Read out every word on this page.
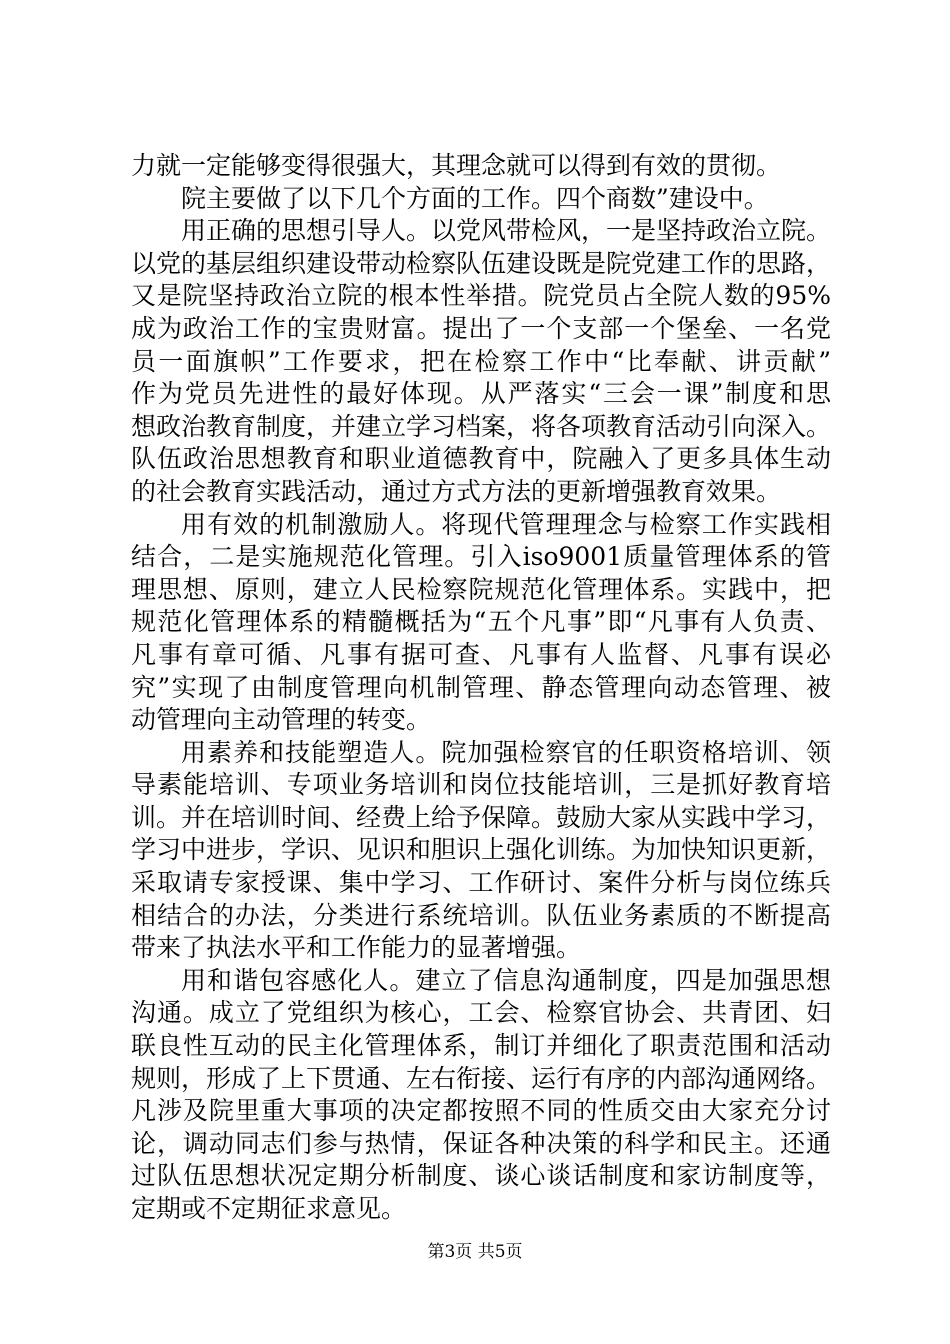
力就一定能够变得很强大，其理念就可以得到有效的贯彻。
院主要做了以下几个方面的工作。四个商数”建设中。
用正确的思想引导人。以党风带检风，一是坚持政治立院。
以党的基层组织建设带动检察队伍建设既是院党建工作的思路，
又是院坚持政治立院的根本性举措。院党员占全院人数的95%
成为政治工作的宝贵财富。提出了一个支部一个堡垒、一名党
员一面旗帜”工作要求，把在检察工作中“比奉献、讲贡献”
作为党员先进性的最好体现。从严落实“三会一课”制度和思
想政治教育制度，并建立学习档案，将各项教育活动引向深入。
队伍政治思想教育和职业道德教育中，院融入了更多具体生动
的社会教育实践活动，通过方式方法的更新增强教育效果。
用有效的机制激励人。将现代管理理念与检察工作实践相
结合，二是实施规范化管理。引入iso9001质量管理体系的管
理思想、原则，建立人民检察院规范化管理体系。实践中，把
规范化管理体系的精髓概括为“五个凡事”即“凡事有人负责、
凡事有章可循、凡事有据可查、凡事有人监督、凡事有误必
究”实现了由制度管理向机制管理、静态管理向动态管理、被
动管理向主动管理的转变。
用素养和技能塑造人。院加强检察官的任职资格培训、领
导素能培训、专项业务培训和岗位技能培训，三是抓好教育培
训。并在培训时间、经费上给予保障。鼓励大家从实践中学习，
学习中进步，学识、见识和胆识上强化训练。为加快知识更新，
采取请专家授课、集中学习、工作研讨、案件分析与岗位练兵
相结合的办法，分类进行系统培训。队伍业务素质的不断提高
带来了执法水平和工作能力的显著增强。
用和谐包容感化人。建立了信息沟通制度，四是加强思想
沟通。成立了党组织为核心，工会、检察官协会、共青团、妇
联良性互动的民主化管理体系，制订并细化了职责范围和活动
规则，形成了上下贯通、左右衔接、运行有序的内部沟通网络。
凡涉及院里重大事项的决定都按照不同的性质交由大家充分讨
论，调动同志们参与热情，保证各种决策的科学和民主。还通
过队伍思想状况定期分析制度、谈心谈话制度和家访制度等，
定期或不定期征求意见。
第3页 共5页
